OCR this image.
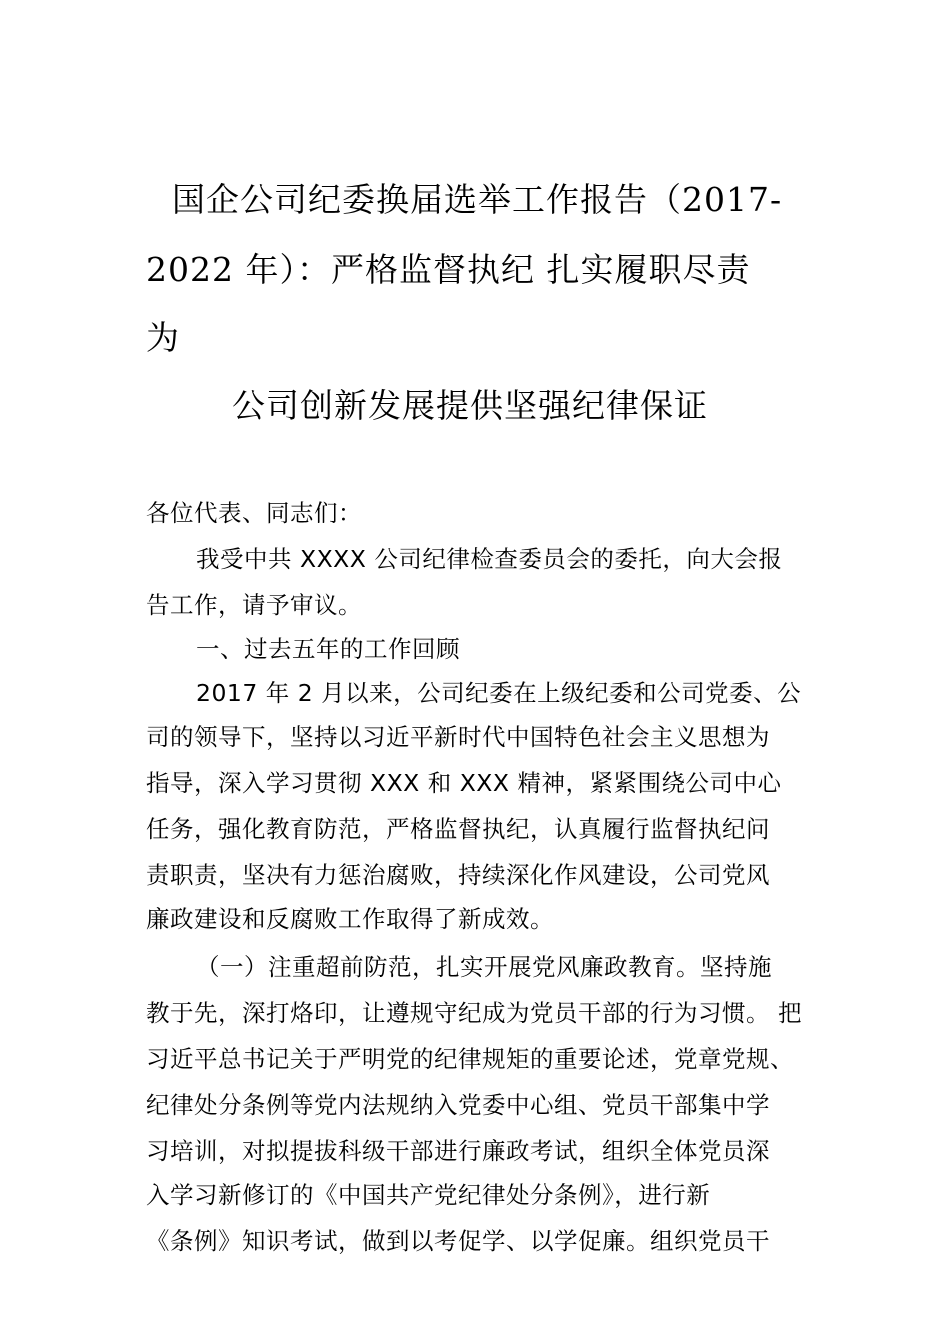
国企公司纪委换届选举工作报告（2017-
2022 年）：严格监督执纪 扎实履职尽责
为
公司创新发展提供坚强纪律保证
各位代表、同志们：
我受中共 XXXX 公司纪律检查委员会的委托，向大会报
告工作，请予审议。
一、过去五年的工作回顾
2017 年 2 月以来，公司纪委在上级纪委和公司党委、公
司的领导下，坚持以习近平新时代中国特色社会主义思想为
指导，深入学习贯彻 XXX 和 XXX 精神，紧紧围绕公司中心
任务，强化教育防范，严格监督执纪，认真履行监督执纪问
责职责，坚决有力惩治腐败，持续深化作风建设，公司党风
廉政建设和反腐败工作取得了新成效。
（一）注重超前防范，扎实开展党风廉政教育。坚持施
教于先，深打烙印，让遵规守纪成为党员干部的行为习惯。 把
习近平总书记关于严明党的纪律规矩的重要论述，党章党规、
纪律处分条例等党内法规纳入党委中心组、党员干部集中学
习培训，对拟提拔科级干部进行廉政考试，组织全体党员深
入学习新修订的《中国共产党纪律处分条例》，进行新
《条例》知识考试，做到以考促学、以学促廉。组织党员干
